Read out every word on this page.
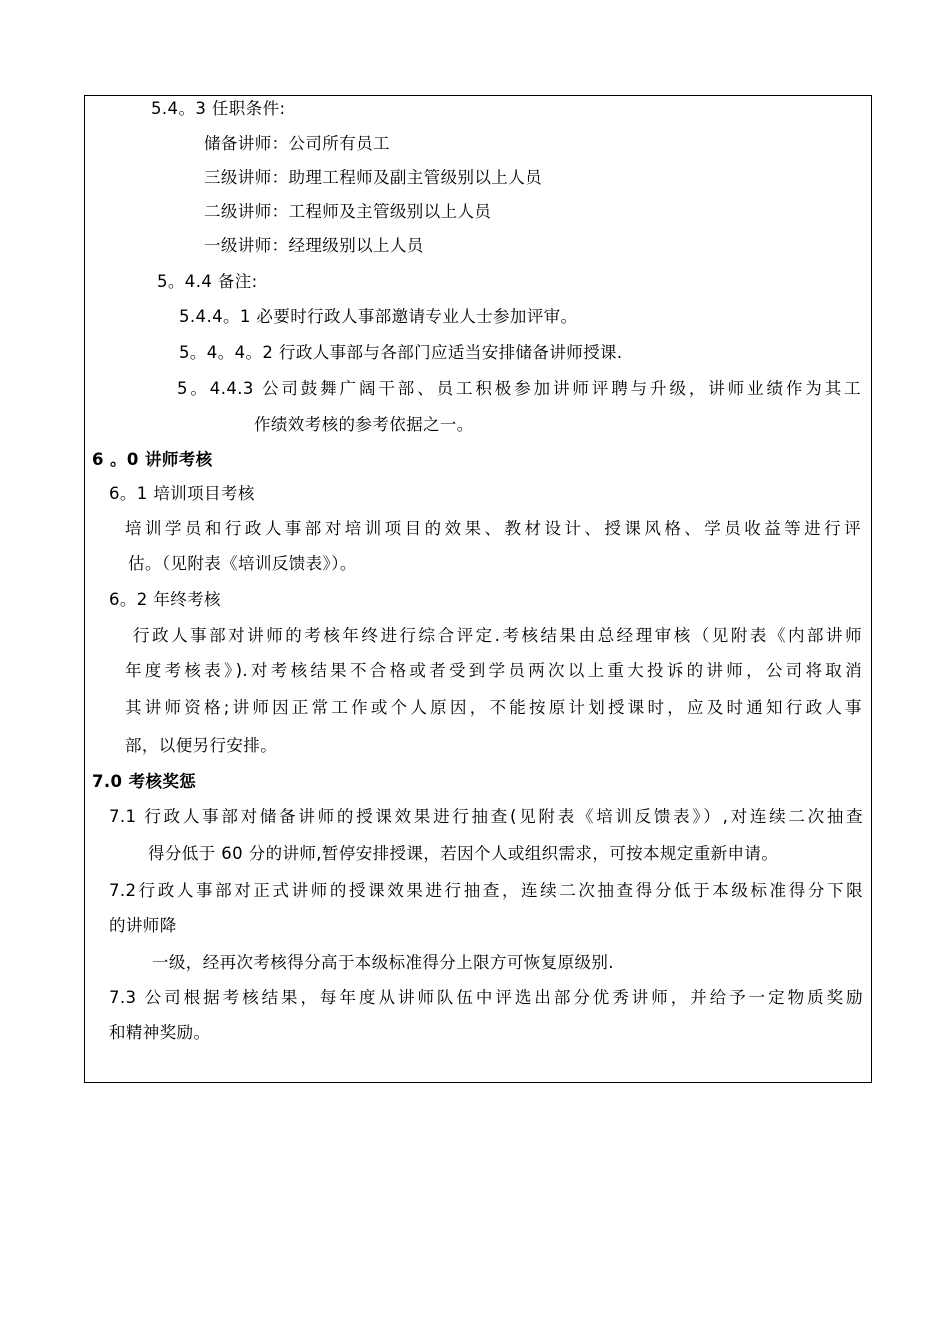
5.4。3 任职条件:
储备讲师：公司所有员工
三级讲师：助理工程师及副主管级别以上人员
二级讲师：工程师及主管级别以上人员
一级讲师：经理级别以上人员
5。4.4 备注:
5.4.4。1 必要时行政人事部邀请专业人士参加评审。
5。4。4。2 行政人事部与各部门应适当安排储备讲师授课.
5。4.4.3 公司鼓舞广阔干部、员工积极参加讲师评聘与升级，讲师业绩作为其工
作绩效考核的参考依据之一。
6 。0 讲师考核
6。1 培训项目考核
培训学员和行政人事部对培训项目的效果、教材设计、授课风格、学员收益等进行评
估。（见附表《培训反馈表》）。
6。2 年终考核
行政人事部对讲师的考核年终进行综合评定.考核结果由总经理审核（见附表《内部讲师
年度考核表》).对考核结果不合格或者受到学员两次以上重大投诉的讲师，公司将取消
其讲师资格;讲师因正常工作或个人原因，不能按原计划授课时，应及时通知行政人事
部，以便另行安排。
7.0 考核奖惩
7.1 行政人事部对储备讲师的授课效果进行抽查(见附表《培训反馈表》）,对连续二次抽查
得分低于 60 分的讲师,暂停安排授课，若因个人或组织需求，可按本规定重新申请。
7.2行政人事部对正式讲师的授课效果进行抽查，连续二次抽查得分低于本级标准得分下限
的讲师降
一级，经再次考核得分高于本级标准得分上限方可恢复原级别.
7.3 公司根据考核结果，每年度从讲师队伍中评选出部分优秀讲师，并给予一定物质奖励
和精神奖励。
